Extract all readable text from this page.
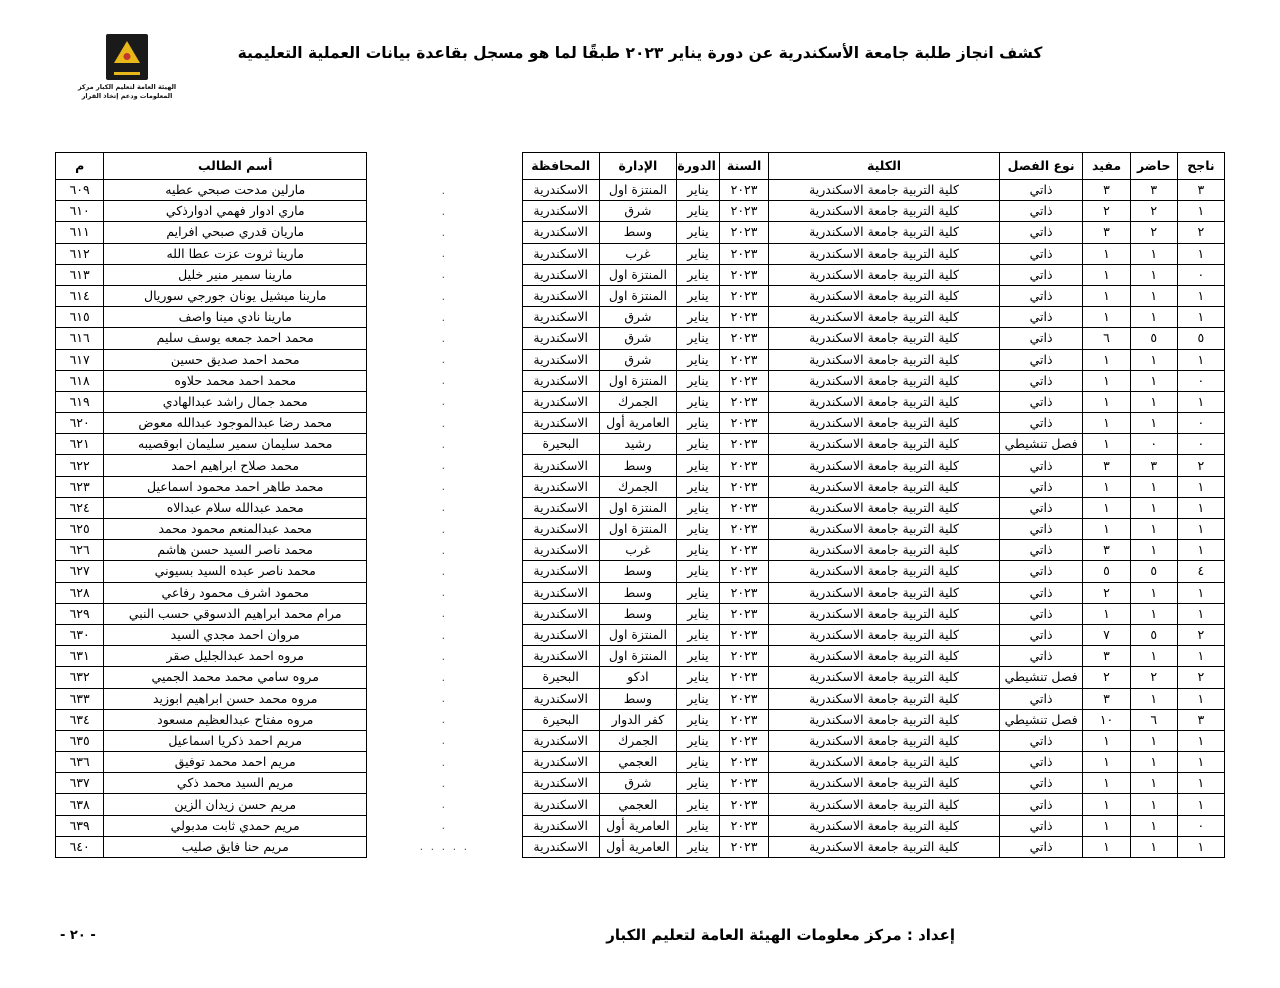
كشف انجاز طلبة جامعة الأسكندرية عن دورة يناير ٢٠٢٣ طبقًا لما هو مسجل بقاعدة بيانات العملية التعليمية
الهيئة العامة لتعليم الكبار مركز المعلومات ودعم إتخاذ القرار
ناجح	حاضر	مفيد	نوع الفصل	الكلية	السنة	الدورة	الإدارة	المحافظة		أسم الطالب	م
٣	٣	٣	ذاتي	كلية التربية جامعة الاسكندرية	٢٠٢٣	يناير	المنتزة اول	الاسكندرية	.	مارلين مدحت صبحي عطيه	٦٠٩
١	٢	٢	ذاتي	كلية التربية جامعة الاسكندرية	٢٠٢٣	يناير	شرق	الاسكندرية	.	ماري ادوار فهمي ادوارذكي	٦١٠
٢	٢	٣	ذاتي	كلية التربية جامعة الاسكندرية	٢٠٢٣	يناير	وسط	الاسكندرية	.	ماريان قدري صبحي افرايم	٦١١
١	١	١	ذاتي	كلية التربية جامعة الاسكندرية	٢٠٢٣	يناير	غرب	الاسكندرية	.	مارينا ثروت عزت عطا الله	٦١٢
٠	١	١	ذاتي	كلية التربية جامعة الاسكندرية	٢٠٢٣	يناير	المنتزة اول	الاسكندرية	.	مارينا سمير منير خليل	٦١٣
١	١	١	ذاتي	كلية التربية جامعة الاسكندرية	٢٠٢٣	يناير	المنتزة اول	الاسكندرية	.	مارينا ميشيل يونان جورجي سوريال	٦١٤
١	١	١	ذاتي	كلية التربية جامعة الاسكندرية	٢٠٢٣	يناير	شرق	الاسكندرية	.	مارينا نادي مينا واصف	٦١٥
٥	٥	٦	ذاتي	كلية التربية جامعة الاسكندرية	٢٠٢٣	يناير	شرق	الاسكندرية	.	محمد احمد جمعه يوسف سليم	٦١٦
١	١	١	ذاتي	كلية التربية جامعة الاسكندرية	٢٠٢٣	يناير	شرق	الاسكندرية	.	محمد احمد صديق حسين	٦١٧
٠	١	١	ذاتي	كلية التربية جامعة الاسكندرية	٢٠٢٣	يناير	المنتزة اول	الاسكندرية	.	محمد احمد محمد حلاوه	٦١٨
١	١	١	ذاتي	كلية التربية جامعة الاسكندرية	٢٠٢٣	يناير	الجمرك	الاسكندرية	.	محمد جمال راشد عبدالهادي	٦١٩
٠	١	١	ذاتي	كلية التربية جامعة الاسكندرية	٢٠٢٣	يناير	العامرية أول	الاسكندرية	.	محمد رضا عبدالموجود عبدالله معوض	٦٢٠
٠	٠	١	فصل تنشيطي	كلية التربية جامعة الاسكندرية	٢٠٢٣	يناير	رشيد	البحيرة	.	محمد سليمان سمير سليمان ابوقصيبه	٦٢١
٢	٣	٣	ذاتي	كلية التربية جامعة الاسكندرية	٢٠٢٣	يناير	وسط	الاسكندرية	.	محمد صلاح ابراهيم احمد	٦٢٢
١	١	١	ذاتي	كلية التربية جامعة الاسكندرية	٢٠٢٣	يناير	الجمرك	الاسكندرية	.	محمد طاهر احمد محمود اسماعيل	٦٢٣
١	١	١	ذاتي	كلية التربية جامعة الاسكندرية	٢٠٢٣	يناير	المنتزة اول	الاسكندرية	.	محمد عبدالله سلام عبدالاه	٦٢٤
١	١	١	ذاتي	كلية التربية جامعة الاسكندرية	٢٠٢٣	يناير	المنتزة اول	الاسكندرية	.	محمد عبدالمنعم محمود محمد	٦٢٥
١	١	٣	ذاتي	كلية التربية جامعة الاسكندرية	٢٠٢٣	يناير	غرب	الاسكندرية	.	محمد ناصر السيد حسن هاشم	٦٢٦
٤	٥	٥	ذاتي	كلية التربية جامعة الاسكندرية	٢٠٢٣	يناير	وسط	الاسكندرية	.	محمد ناصر عبده السيد بسيوني	٦٢٧
١	١	٢	ذاتي	كلية التربية جامعة الاسكندرية	٢٠٢٣	يناير	وسط	الاسكندرية	.	محمود اشرف محمود رفاعي	٦٢٨
١	١	١	ذاتي	كلية التربية جامعة الاسكندرية	٢٠٢٣	يناير	وسط	الاسكندرية	.	مرام محمد ابراهيم الدسوقي حسب النبي	٦٢٩
٢	٥	٧	ذاتي	كلية التربية جامعة الاسكندرية	٢٠٢٣	يناير	المنتزة اول	الاسكندرية	.	مروان احمد مجدي السيد	٦٣٠
١	١	٣	ذاتي	كلية التربية جامعة الاسكندرية	٢٠٢٣	يناير	المنتزة اول	الاسكندرية	.	مروه احمد عبدالجليل صقر	٦٣١
٢	٢	٢	فصل تنشيطي	كلية التربية جامعة الاسكندرية	٢٠٢٣	يناير	ادكو	البحيرة	.	مروه سامي محمد محمد الجميي	٦٣٢
١	١	٣	ذاتي	كلية التربية جامعة الاسكندرية	٢٠٢٣	يناير	وسط	الاسكندرية	.	مروه محمد حسن ابراهيم ابوزيد	٦٣٣
٣	٦	١٠	فصل تنشيطي	كلية التربية جامعة الاسكندرية	٢٠٢٣	يناير	كفر الدوار	البحيرة	.	مروه مفتاح عبدالعظيم مسعود	٦٣٤
١	١	١	ذاتي	كلية التربية جامعة الاسكندرية	٢٠٢٣	يناير	الجمرك	الاسكندرية	.	مريم احمد ذكريا اسماعيل	٦٣٥
١	١	١	ذاتي	كلية التربية جامعة الاسكندرية	٢٠٢٣	يناير	العجمي	الاسكندرية	.	مريم احمد محمد توفيق	٦٣٦
١	١	١	ذاتي	كلية التربية جامعة الاسكندرية	٢٠٢٣	يناير	شرق	الاسكندرية	.	مريم السيد محمد ذكي	٦٣٧
١	١	١	ذاتي	كلية التربية جامعة الاسكندرية	٢٠٢٣	يناير	العجمي	الاسكندرية	.	مريم حسن زيدان الزين	٦٣٨
٠	١	١	ذاتي	كلية التربية جامعة الاسكندرية	٢٠٢٣	يناير	العامرية أول	الاسكندرية	.	مريم حمدي ثابت مدبولي	٦٣٩
١	١	١	ذاتي	كلية التربية جامعة الاسكندرية	٢٠٢٣	يناير	العامرية أول	الاسكندرية	. . . . .	مريم حنا فايق صليب	٦٤٠
إعداد : مركز معلومات الهيئة العامة لتعليم الكبار
- ٢٠ -
